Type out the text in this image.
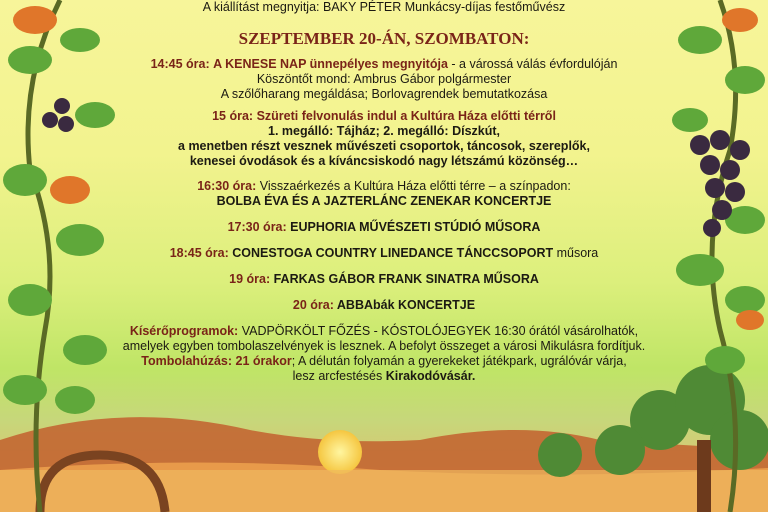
A kiállítást megnyitja: BAKY PÉTER Munkácsy-díjas festőművész
SZEPTEMBER 20-ÁN, SZOMBATON:
14:45 óra: A KENESE NAP ünnepélyes megnyitója - a várossá válás évfordulóján
Köszöntőt mond: Ambrus Gábor polgármester
A szőlőharang megáldása; Borlovagrendek bemutatkozása
15 óra: Szüreti felvonulás indul a Kultúra Háza előtti térről
1. megálló: Tájház; 2. megálló: Díszkút,
a menetben részt vesznek művészeti csoportok, táncosok, szereplők,
kenesei óvodások és a kíváncsiskodó nagy létszámú közönség…
16:30 óra: Visszaérkezés a Kultúra Háza előtti térre – a színpadon:
BOLBA ÉVA ÉS A JAZTERLÁNC ZENEKAR KONCERTJE
17:30 óra: EUPHORIA MŰVÉSZETI STÚDIÓ MŰSORA
18:45 óra: CONESTOGA COUNTRY LINEDANCE TÁNCCSOPORT műsora
19 óra: FARKAS GÁBOR FRANK SINATRA MŰSORA
20 óra: ABBAbák KONCERTJE
Kísérőprogramok: VADPÖRKÖLT FŐZÉS - KÓSTOLÓJEGYEK 16:30 órától vásárolhatók,
amelyek egyben tombolaszelvények is lesznek. A befolyt összeget a városi Mikulásra fordítjuk.
Tombolahúzás: 21 órakor; A délután folyamán a gyerekeket játékpark, ugrálóvár várja,
lesz arcfestésés Kirakodóvásár.
